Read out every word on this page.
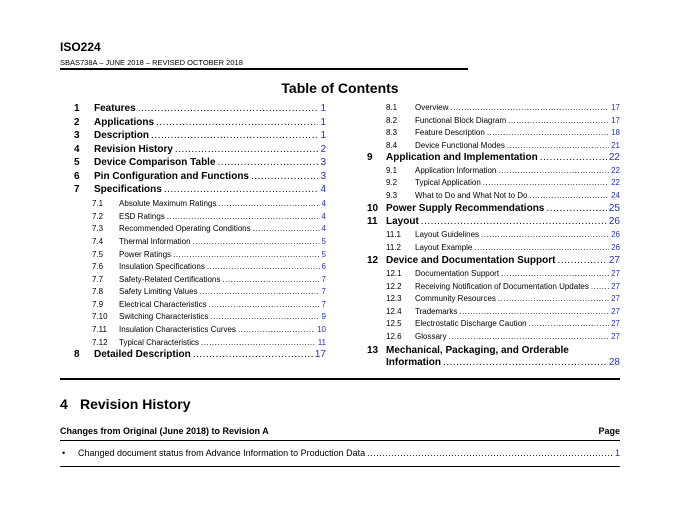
ISO224
SBAS738A – JUNE 2018 – REVISED OCTOBER 2018
Table of Contents
1	Features .....	1
2	Applications .....	1
3	Description .....	1
4	Revision History .....	2
5	Device Comparison Table .....	3
6	Pin Configuration and Functions .....	3
7	Specifications .....	4
7.1	Absolute Maximum Ratings .....	4
7.2	ESD Ratings .....	4
7.3	Recommended Operating Conditions .....	4
7.4	Thermal Information .....	5
7.5	Power Ratings .....	5
7.6	Insulation Specifications .....	6
7.7	Safety-Related Certifications .....	7
7.8	Safety Limiting Values .....	7
7.9	Electrical Characteristics .....	7
7.10	Switching Characteristics .....	9
7.11	Insulation Characteristics Curves .....	10
7.12	Typical Characteristics .....	11
8	Detailed Description .....	17
8.1	Overview .....	17
8.2	Functional Block Diagram .....	17
8.3	Feature Description .....	18
8.4	Device Functional Modes .....	21
9	Application and Implementation .....	22
9.1	Application Information .....	22
9.2	Typical Application .....	22
9.3	What to Do and What Not to Do .....	24
10 Power Supply Recommendations .....	25
11 Layout .....	26
11.1	Layout Guidelines .....	26
11.2	Layout Example .....	26
12 Device and Documentation Support .....	27
12.1	Documentation Support .....	27
12.2	Receiving Notification of Documentation Updates .....	27
12.3	Community Resources .....	27
12.4	Trademarks .....	27
12.5	Electrostatic Discharge Caution .....	27
12.6	Glossary .....	27
13 Mechanical, Packaging, and Orderable
Information .....	28
4 Revision History
Changes from Original (June 2018) to Revision A	Page
•	Changed document status from Advance Information to Production Data .....	1
